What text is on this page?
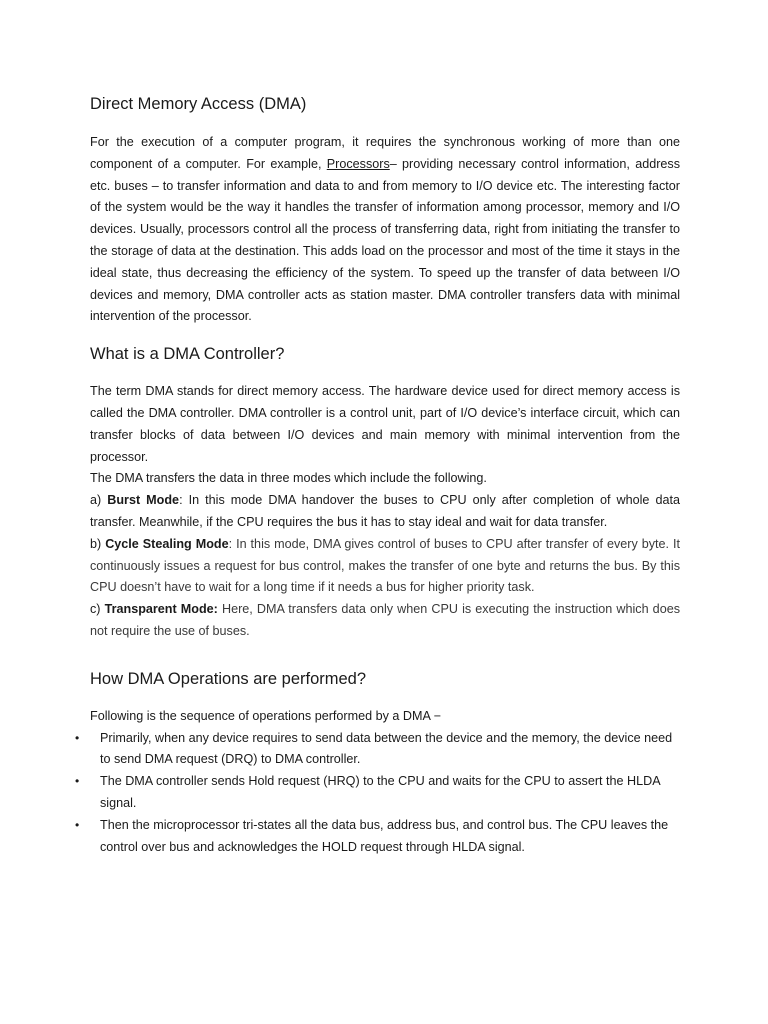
Direct Memory Access (DMA)

For the execution of a computer program, it requires the synchronous working of more than one component of a computer. For example, Processors– providing necessary control information, address etc. buses – to transfer information and data to and from memory to I/O device etc. The interesting factor of the system would be the way it handles the transfer of information among processor, memory and I/O devices. Usually, processors control all the process of transferring data, right from initiating the transfer to the storage of data at the destination. This adds load on the processor and most of the time it stays in the ideal state, thus decreasing the efficiency of the system. To speed up the transfer of data between I/O devices and memory, DMA controller acts as station master. DMA controller transfers data with minimal intervention of the processor.

What is a DMA Controller?

The term DMA stands for direct memory access. The hardware device used for direct memory access is called the DMA controller. DMA controller is a control unit, part of I/O device’s interface circuit, which can transfer blocks of data between I/O devices and main memory with minimal intervention from the processor.

The DMA transfers the data in three modes which include the following.

a) Burst Mode: In this mode DMA handover the buses to CPU only after completion of whole data transfer. Meanwhile, if the CPU requires the bus it has to stay ideal and wait for data transfer.

b) Cycle Stealing Mode: In this mode, DMA gives control of buses to CPU after transfer of every byte. It continuously issues a request for bus control, makes the transfer of one byte and returns the bus. By this CPU doesn’t have to wait for a long time if it needs a bus for higher priority task.

c) Transparent Mode: Here, DMA transfers data only when CPU is executing the instruction which does not require the use of buses.

How DMA Operations are performed?

Following is the sequence of operations performed by a DMA −

• Primarily, when any device requires to send data between the device and the memory, the device need to send DMA request (DRQ) to DMA controller.
• The DMA controller sends Hold request (HRQ) to the CPU and waits for the CPU to assert the HLDA signal.
• Then the microprocessor tri-states all the data bus, address bus, and control bus. The CPU leaves the control over bus and acknowledges the HOLD request through HLDA signal.
